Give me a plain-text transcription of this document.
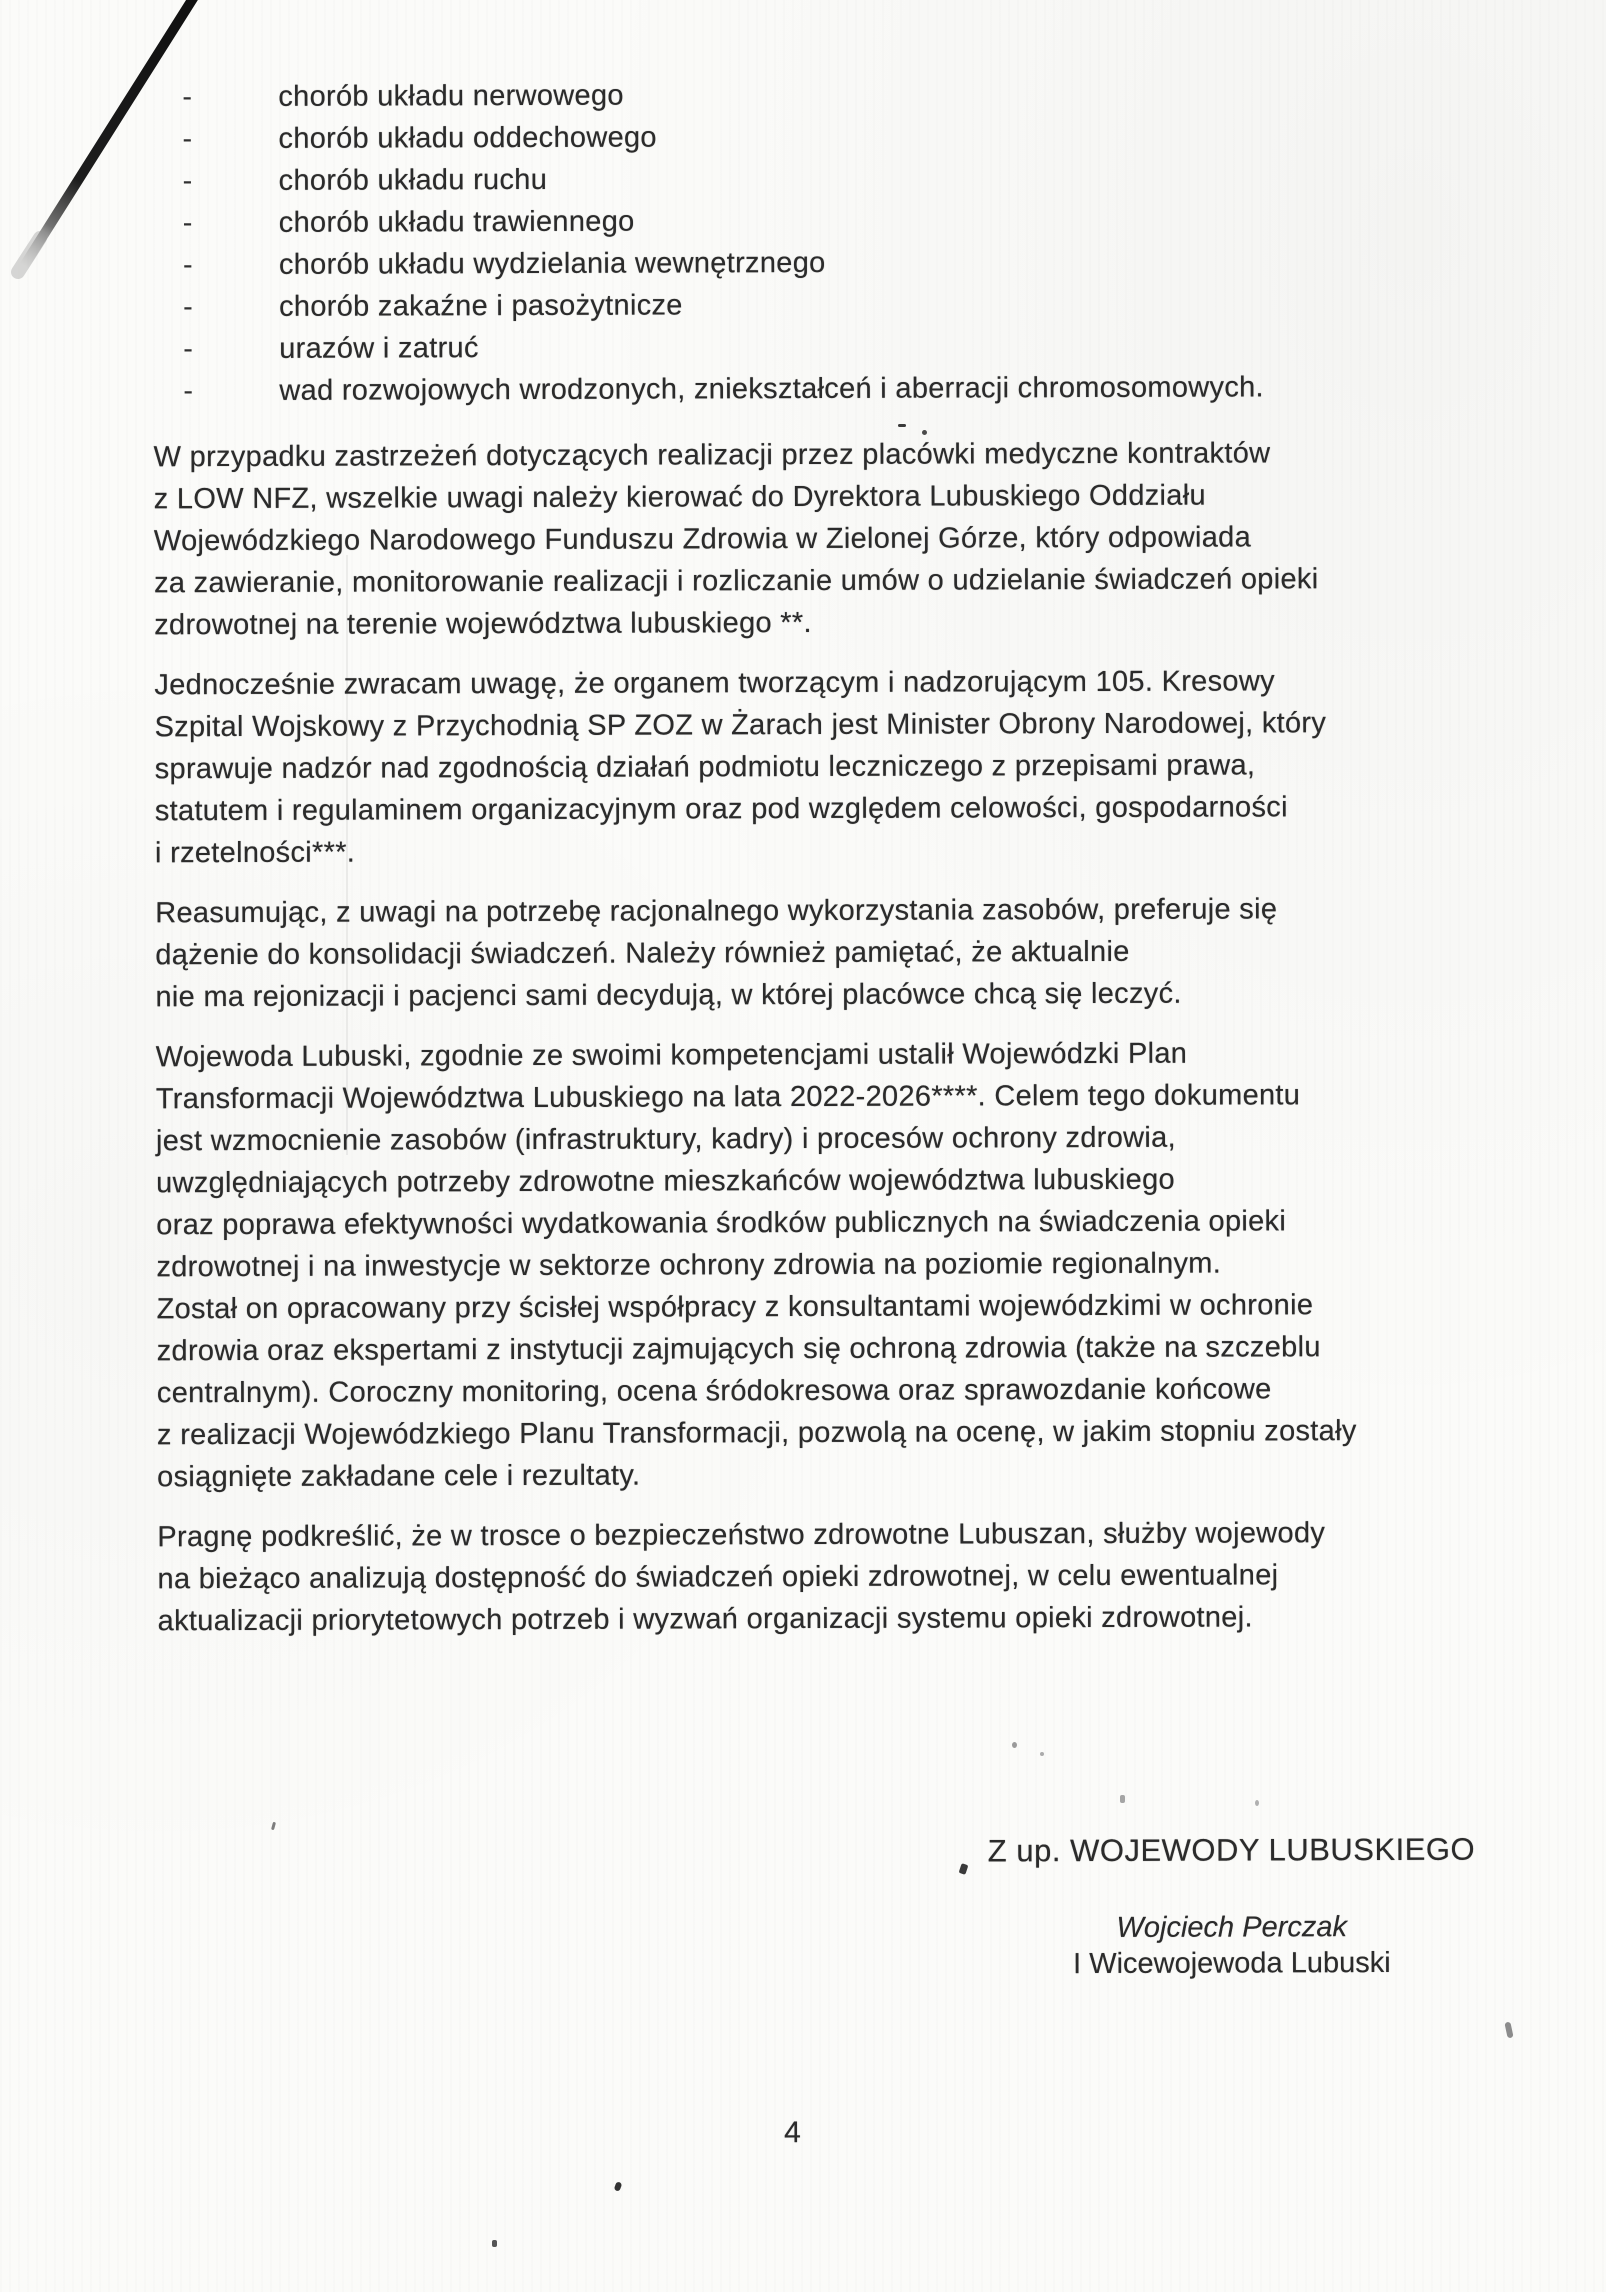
-	chorób układu nerwowego
-	chorób układu oddechowego
-	chorób układu ruchu
-	chorób układu trawiennego
-	chorób układu wydzielania wewnętrznego
-	chorób zakaźne i pasożytnicze
-	urazów i zatruć
-	wad rozwojowych wrodzonych, zniekształceń i aberracji chromosomowych.
W przypadku zastrzeżeń dotyczących realizacji przez placówki medyczne kontraktów
z LOW NFZ, wszelkie uwagi należy kierować do Dyrektora Lubuskiego Oddziału
Wojewódzkiego Narodowego Funduszu Zdrowia w Zielonej Górze, który odpowiada
za zawieranie, monitorowanie realizacji i rozliczanie umów o udzielanie świadczeń opieki
zdrowotnej na terenie województwa lubuskiego **.
Jednocześnie zwracam uwagę, że organem tworzącym i nadzorującym 105. Kresowy
Szpital Wojskowy z Przychodnią SP ZOZ w Żarach jest Minister Obrony Narodowej, który
sprawuje nadzór nad zgodnością działań podmiotu leczniczego z przepisami prawa,
statutem i regulaminem organizacyjnym oraz pod względem celowości, gospodarności
i rzetelności***.
Reasumując, z uwagi na potrzebę racjonalnego wykorzystania zasobów, preferuje się
dążenie do konsolidacji świadczeń. Należy również pamiętać, że aktualnie
nie ma rejonizacji i pacjenci sami decydują, w której placówce chcą się leczyć.
Wojewoda Lubuski, zgodnie ze swoimi kompetencjami ustalił Wojewódzki Plan
Transformacji Województwa Lubuskiego na lata 2022-2026****. Celem tego dokumentu
jest wzmocnienie zasobów (infrastruktury, kadry) i procesów ochrony zdrowia,
uwzględniających potrzeby zdrowotne mieszkańców województwa lubuskiego
oraz poprawa efektywności wydatkowania środków publicznych na świadczenia opieki
zdrowotnej i na inwestycje w sektorze ochrony zdrowia na poziomie regionalnym.
Został on opracowany przy ścisłej współpracy z konsultantami wojewódzkimi w ochronie
zdrowia oraz ekspertami z instytucji zajmujących się ochroną zdrowia (także na szczeblu
centralnym). Coroczny monitoring, ocena śródokresowa oraz sprawozdanie końcowe
z realizacji Wojewódzkiego Planu Transformacji, pozwolą na ocenę, w jakim stopniu zostały
osiągnięte zakładane cele i rezultaty.
Pragnę podkreślić, że w trosce o bezpieczeństwo zdrowotne Lubuszan, służby wojewody
na bieżąco analizują dostępność do świadczeń opieki zdrowotnej, w celu ewentualnej
aktualizacji priorytetowych potrzeb i wyzwań organizacji systemu opieki zdrowotnej.
Z up. WOJEWODY LUBUSKIEGO
Wojciech Perczak
I Wicewojewoda Lubuski
4
